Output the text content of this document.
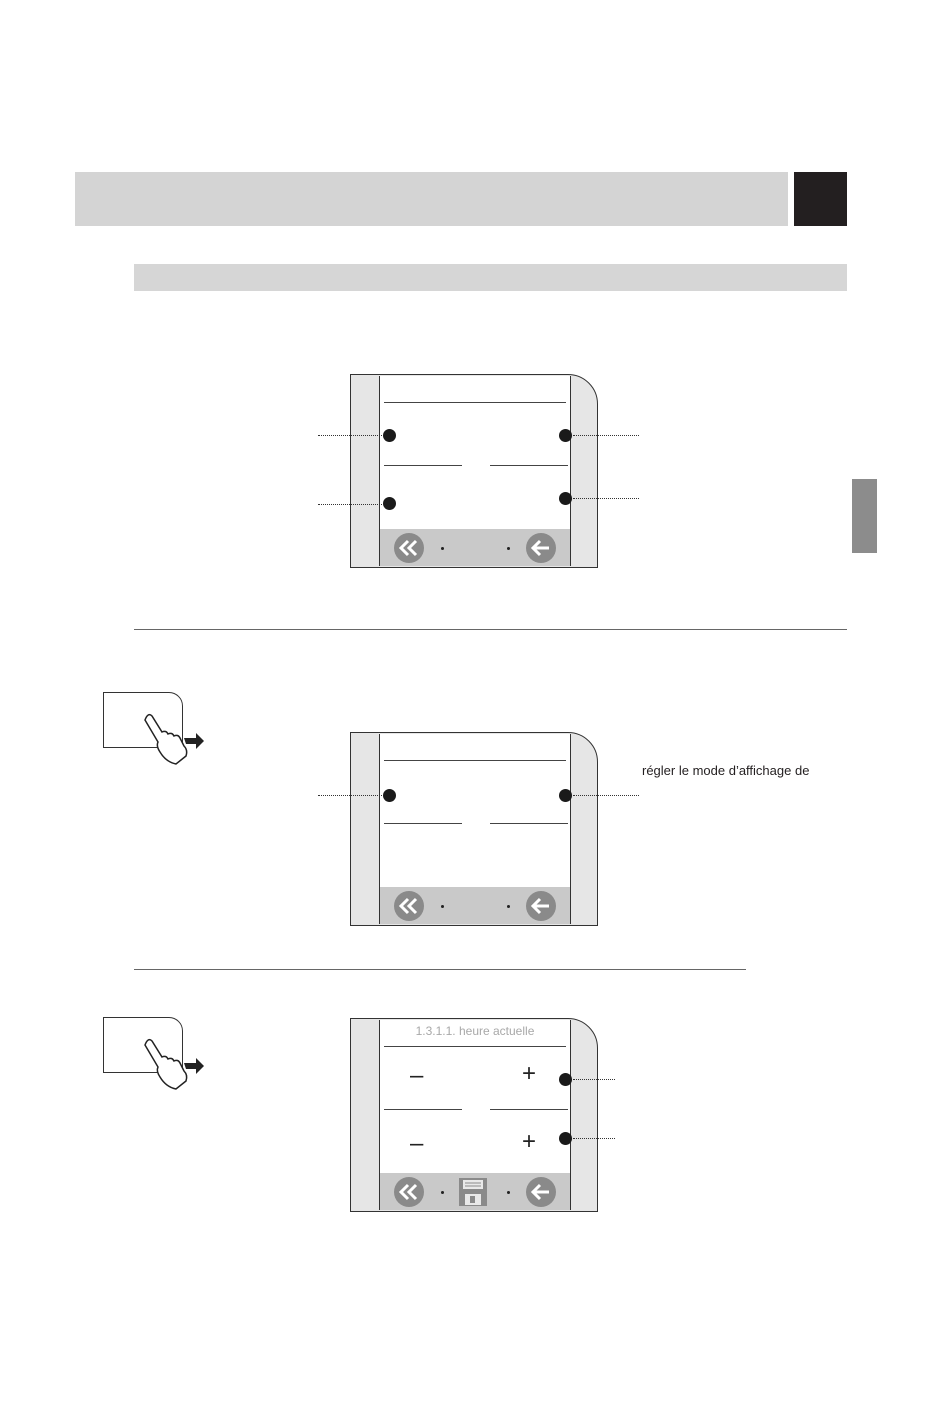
régler le mode d’affichage de
1.3.1.1. heure actuelle
–	+
–	+
